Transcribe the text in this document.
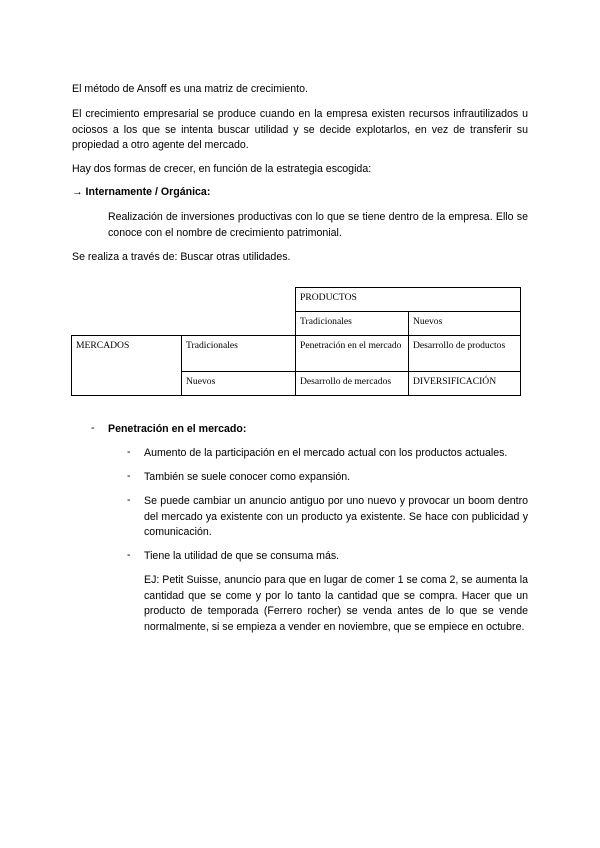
El método de Ansoff es una matriz de crecimiento.

El crecimiento empresarial se produce cuando en la empresa existen recursos infrautilizados u ociosos a los que se intenta buscar utilidad y se decide explotarlos, en vez de transferir su propiedad a otro agente del mercado.

Hay dos formas de crecer, en función de la estrategia escogida:

→ Internamente / Orgánica:

Realización de inversiones productivas con lo que se tiene dentro de la empresa. Ello se conoce con el nombre de crecimiento patrimonial.

Se realiza a través de: Buscar otras utilidades.

		PRODUCTOS	
		Tradicionales	Nuevos
MERCADOS	Tradicionales	Penetración en el mercado	Desarrollo de productos
	Nuevos	Desarrollo de mercados	DIVERSIFICACIÓN
- Penetración en el mercado:

- Aumento de la participación en el mercado actual con los productos actuales.

- También se suele conocer como expansión.

- Se puede cambiar un anuncio antiguo por uno nuevo y provocar un boom dentro del mercado ya existente con un producto ya existente. Se hace con publicidad y comunicación.

- Tiene la utilidad de que se consuma más.

EJ: Petit Suisse, anuncio para que en lugar de comer 1 se coma 2, se aumenta la cantidad que se come y por lo tanto la cantidad que se compra. Hacer que un producto de temporada (Ferrero rocher) se venda antes de lo que se vende normalmente, si se empieza a vender en noviembre, que se empiece en octubre.
